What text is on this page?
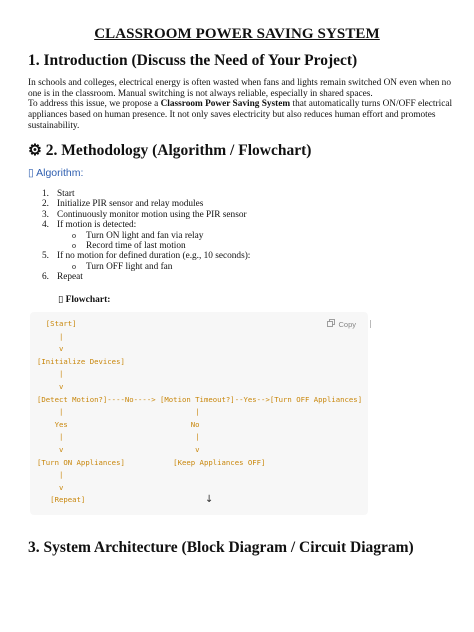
CLASSROOM POWER SAVING SYSTEM
1. Introduction (Discuss the Need of Your Project)
In schools and colleges, electrical energy is often wasted when fans and lights remain switched ON even when no one is in the classroom. Manual switching is not always reliable, especially in shared spaces.
To address this issue, we propose a Classroom Power Saving System that automatically turns ON/OFF electrical appliances based on human presence. It not only saves electricity but also reduces human effort and promotes sustainability.
⚙ 2. Methodology (Algorithm / Flowchart)
▯ Algorithm:
1. Start
2. Initialize PIR sensor and relay modules
3. Continuously monitor motion using the PIR sensor
4. If motion is detected:
o Turn ON light and fan via relay
o Record time of last motion
5. If no motion for defined duration (e.g., 10 seconds):
o Turn OFF light and fan
6. Repeat
▯ Flowchart:
Copy
[Start]
|
v
[Initialize Devices]
|
v
[Detect Motion?]----No----> [Motion Timeout?]--Yes-->[Turn OFF Appliances]
|                              |
Yes                            No
|                              |
v                              v
[Turn ON Appliances]           [Keep Appliances OFF]
|
v
[Repeat]
|
↓
3. System Architecture (Block Diagram / Circuit Diagram)
